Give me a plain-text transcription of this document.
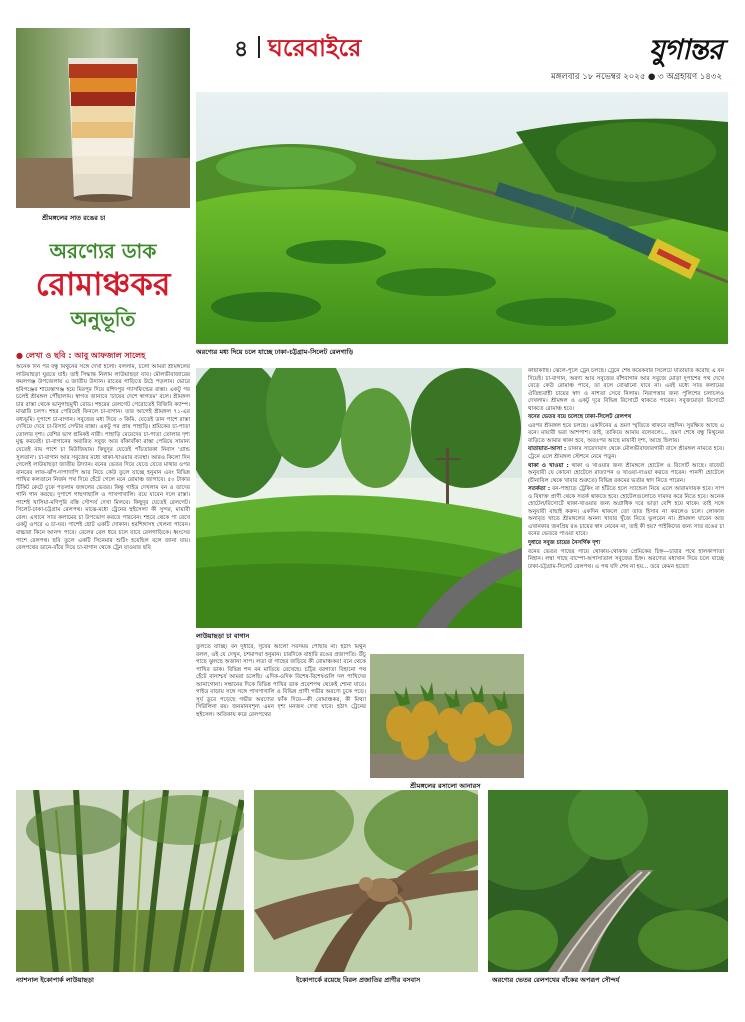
৪ ঘরেবাইরে	যুগান্তর
মঙ্গলবার ১৮ নভেম্বর ২০২৫ ● ৩ অগ্রহায়ণ ১৪৩২
শ্রীমঙ্গলের সাত রঙের চা
অরণ্যের ডাক
রোমাঞ্চকর
অনুভূতি
● লেখা ও ছবি : আবু আফজাল সালেহ	অরণ্যের মধ্য দিয়ে চলে যাচ্ছে ঢাকা-চট্টগ্রাম-সিলেট রেলগাড়ি
লাউয়াছড়া চা বাগান
শ্রীমঙ্গলের রসালো আনারস

অনেক দিন পর বন্ধু মিথুনের সঙ্গে দেখা হলো। বললাম, চলো আমরা শ্রীমঙ্গলের লাউয়াছড়া ঘুরতে যাই। তাই সিদ্ধান্ত নিলাম লাউয়াছড়া যাব। মৌলভীবাজারের কমলগঞ্জ উপজেলায় এ জাতীয় উদ্যান। রাতের গাড়িতে উঠে পড়লাম। ভোরে হবিগঞ্জের শায়েস্তাগঞ্জ হয়ে মিরপুর দিয়ে রশিদপুর গ্যাসফিল্ডের রাস্তা। একটু পর চলেই শ্রীমঙ্গল পৌঁছালাম। স্বাগত জানাবে 'চায়ের দেশে স্বাগতম' বলে। শ্রীমঙ্গল চার রাস্তা থেকে ভানুগাছমুখী রোড। শহরের রেলগেট পেরোতেই বিজিবি ক্যাম্প। মাঝারি চলপ। শহর পেরিয়েই ফিনলে চা-বাগান। তার আগেই শ্রীমঙ্গল ৭১-এর বধ্যভূমি। দুপাশে চা-বাগান। সবুজের মধ্য দিয়ে ৩ কিমি. যেতেই ডান পাশে রাস্তা দেখিয়ে দেবে চা-রিসার্চ সেন্টার রাস্তা। একটু পর প্রায় পাহাড়ি। শ্রমিকের চা-পাতা তোলার দৃশ্য। বেশির ভাগ শ্রমিকই নারী। পাহাড়ি মেয়েদের চা-পাতা তোলার দৃশ্য মুগ্ধ করবেই। চা-বাগানের অবারিত সবুজ আর বাঁকাবাঁকা রাস্তা পেরিয়ে সামান্য যেতেই বাম পাশে চা মিউজিয়াম। কিছুদূর যেতেই পাঁচতারকা নিবাস 'গ্রান্ড সুলতান'। চা-বাগান আর সবুজের মধ্যে থাকা-খাওয়ার ব্যবস্থা। আরও কিলো দিন গেলেই লাউয়াছড়া জাতীয় উদ্যান। বনের ভেতর দিয়ে যেতে যেতে মাথার ওপর বানরের লাফ-ঝাঁপ-দাপাদাপি আর নিচে কেউ তুলে যাচ্ছে হনুমান এবং বিভিন্ন পাখির কলতানে নির্জন পথ দিয়ে হেঁটে গেলে মনে রোমাঞ্চ জাগাবে। ৫০ টাকার টিকিট কেটে ঢুকে পড়লাম জঙ্গলের ভেতর। কিন্তু গাইড দেখলাম বন ও তাদের গানি গান করছে। দুপাশে গাছগাছালি ও পাখপাখালি। রয়ে যাবেন দলে রাস্তা। পাশেই খাসিয়া-মণিপুরি বস্তি সৌন্দর্য দেখা মিলবে। কিছুদূর যেতেই রেলগেট। সিলেট-ঢাকা-চট্টগ্রাম রেলপথ। মাঝে-মধ্যে ট্রেনের হুইসেল! কী সুন্দর, মায়াবী রেল। এখানে সাত কলামের চা উপভোগ করতে পারবেন। শহরে থেকে পা রেখে একটু ওপরে এ চা-ঘর। পাশেই ছোট একটি দোকান। হরশিঙ্গাসহ খেলনা পাবেন। বাচ্চারা কিনে আনন্দ পাবে। রেলের রেল ধরে চলে যাবে রেলগাড়িকে। ধ্বংসের পাশে রেলপথ। ছবি তুলে একটি সিনেমার শুটিং হয়েছিল বলে জানা যায়। রেলপথের ডানে-বাঁয়ে দিয়ে চা-বাগান থেকে ট্রেন যাওয়ার ছবি

তুলতে যাচ্ছি। বন দুধারে, সূর্যের আলো সবসময় পৌঁছায় না। হঠাৎ মিথুন বলল, ওই যে দেখুন, চশমাপরা হনুমান। চারদিকে বাহারি রঙের প্রজাপতি। উঁচু গাছে ঝুলছে অজানা সাপ। লতা বা গাছের জড়িয়ে কী রোমাঞ্চকর! বনে থেকে পাখির ডাক। বিভিন্ন শব্দ বন মাতিয়ে রেখেছে। চট্টির বরগাতা বিহানো পথ হেঁটে বানাশ্চর্য আমরা চলেছি। এদিক-ওদিক বিশেষ-বিশেষগুলি দল পাখিদের আনাগোনা। সন্ধানের দিকে বিভিন্ন পাখির ডাক প্রবেশপথ থেকেই শোনা যাবে। গাইড বাড়ায় সঙ্গে সঙ্গে পাখপাখালি ও বিভিন্ন প্রাণী গভীর অরণ্যে ঢুকে পড়ে। সূর্য ডুবে পড়েছে গভীর অরণ্যের ফাঁক দিয়ে—কী রোমাঞ্চকর, কী মিথ্যা সিরিলিনা রয়। জনমানবশূন্য এমন দৃশ্য মনজন দেখা যাবে। হঠাৎ ট্রেনের হুইসেল। অতিকায় করে রেলপথের

কাছাকাছি। ঝেলে-পুলে ট্রেন চলছে। ট্রেনে শেষ কয়েকবার সিলেটে যাতায়াত করেছি এ বন দিয়েই। চা-বাগান, অরণ্য আর সবুজের বাঁশবাগান আর সবুজে মোড়া দুপাশের পথ দেখে বেড়ে কেউ রোমাঞ্চ পাবে, তা বলে বোঝানো যাবে না। এরই মধ্যে সাত কলামের ঐতিহ্যবাহী চায়ের স্বাদ ও নাশতা সেরে নিলাম। নিরাপত্তার জন্য পুলিশের চলাচলও দেখলাম। শ্রীমঙ্গল ও একটু দূরে বিভিন্ন রিসোর্টে থাকতে পারেন। সবুজমোড়া রিসোর্টে থাকতে রোমাঞ্চ হবে।

বনের ভেতর বয়ে চলেছে ঢাকা-সিলেট রেলপথ

এরপর শ্রীমঙ্গল হয়ে চলছে। একদিনের এ ভ্রমণ স্মৃতিতে থাকবে বহুদিন। সুরক্ষিত আছে এ বনে। মায়াবী ভরা আশপাশ। তাই, তাকিয়ে আমায় বলেবলে।... ভ্রমণ শেষে বন্ধু মিথুনের বাড়িতে আমার থাকা হবে, অতঃপর আছে মায়াবী দৃশ্য, আছে ছিলায়।

যাতায়াত-আসা : ঢাকার সায়েদাবাদ থেকে মৌলভীবাজারগামী বাসে শ্রীমঙ্গল নামতে হবে। ট্রেনে এলে শ্রীমঙ্গল স্টেশনে নেমে পড়ুন।

থাকা ও খাওয়া : থাকা ও খাওয়ার জন্য শ্রীমঙ্গলে হোটেল ও রিসোর্ট আছে। বাজেট অনুযায়ী যে কোনো হোটেলে রাত্যাপন ও খাওয়া-দাওয়া করতে পারেন। পানসী হোটেলে (চীনাবিল থেকে খাবার শুরুতে) বিভিন্ন রকমের ভর্তার স্বাদ নিতে পারেন।

সতর্কতা : বন-পাহাড়ে ট্রেকিং বা হাঁটতে হলে স্যান্ডেল নিয়ে এলে আরামদায়ক হবে। সাপ ও বিষাক্ত প্রাণী থেকে সতর্ক থাকতে হবে। হোটেলগুলোতে দামদর করে নিতে হবে। অনেক হোটেল/রিসোর্টে থাকা-খাওয়ার জন্য অগ্রাধিক দরে ভাড়া বেশি হয়ে থাকে। তাই সঙ্গে অনুযায়ী বাছাই করুন। একদিন থাকলে তো তাত হিসাব না করলেও চলে। লোকাল অনাবৃত খাতে শ্রীমঙ্গলের অনন্য খাবার খুঁজে নিতে ভুলবেন না। শ্রীমঙ্গল যাবেন আর এখানকার জনপ্রিয় রঙ চায়ের স্বাদ নেবেন না, তাই কী হয়? পাইকিদের জন্য সাত রঙের চা বনের ভেতরে পাওয়া যাবে।

দুধারে সবুজ চায়ের নৈসর্গিক দৃশ্য

বনের ভেতর গাছের গায়ে থোকায়-থোকায় প্রেমিকের চিহ্ন—চাবার পথে হালকাপাতা নিহান। লম্বা গাছে বাস্পো-অপাসাতাল সবুজের চিহ্ন। অরণ্যের মধ্যখান দিয়ে চলে যাচ্ছে ঢাকা-চট্টগ্রাম-সিলেট রেলপথ। এ পথ যদি শেষ না হয়... তবে কেমন হতো!

ন্যাশনাল ইকোপার্ক লাউয়াছড়া	ইকোপার্কে রয়েছে বিরল প্রজাতির প্রাণীর বসবাস	অরণ্যের ভেতর রেলপথের বাঁকের অপরূপ সৌন্দর্য
